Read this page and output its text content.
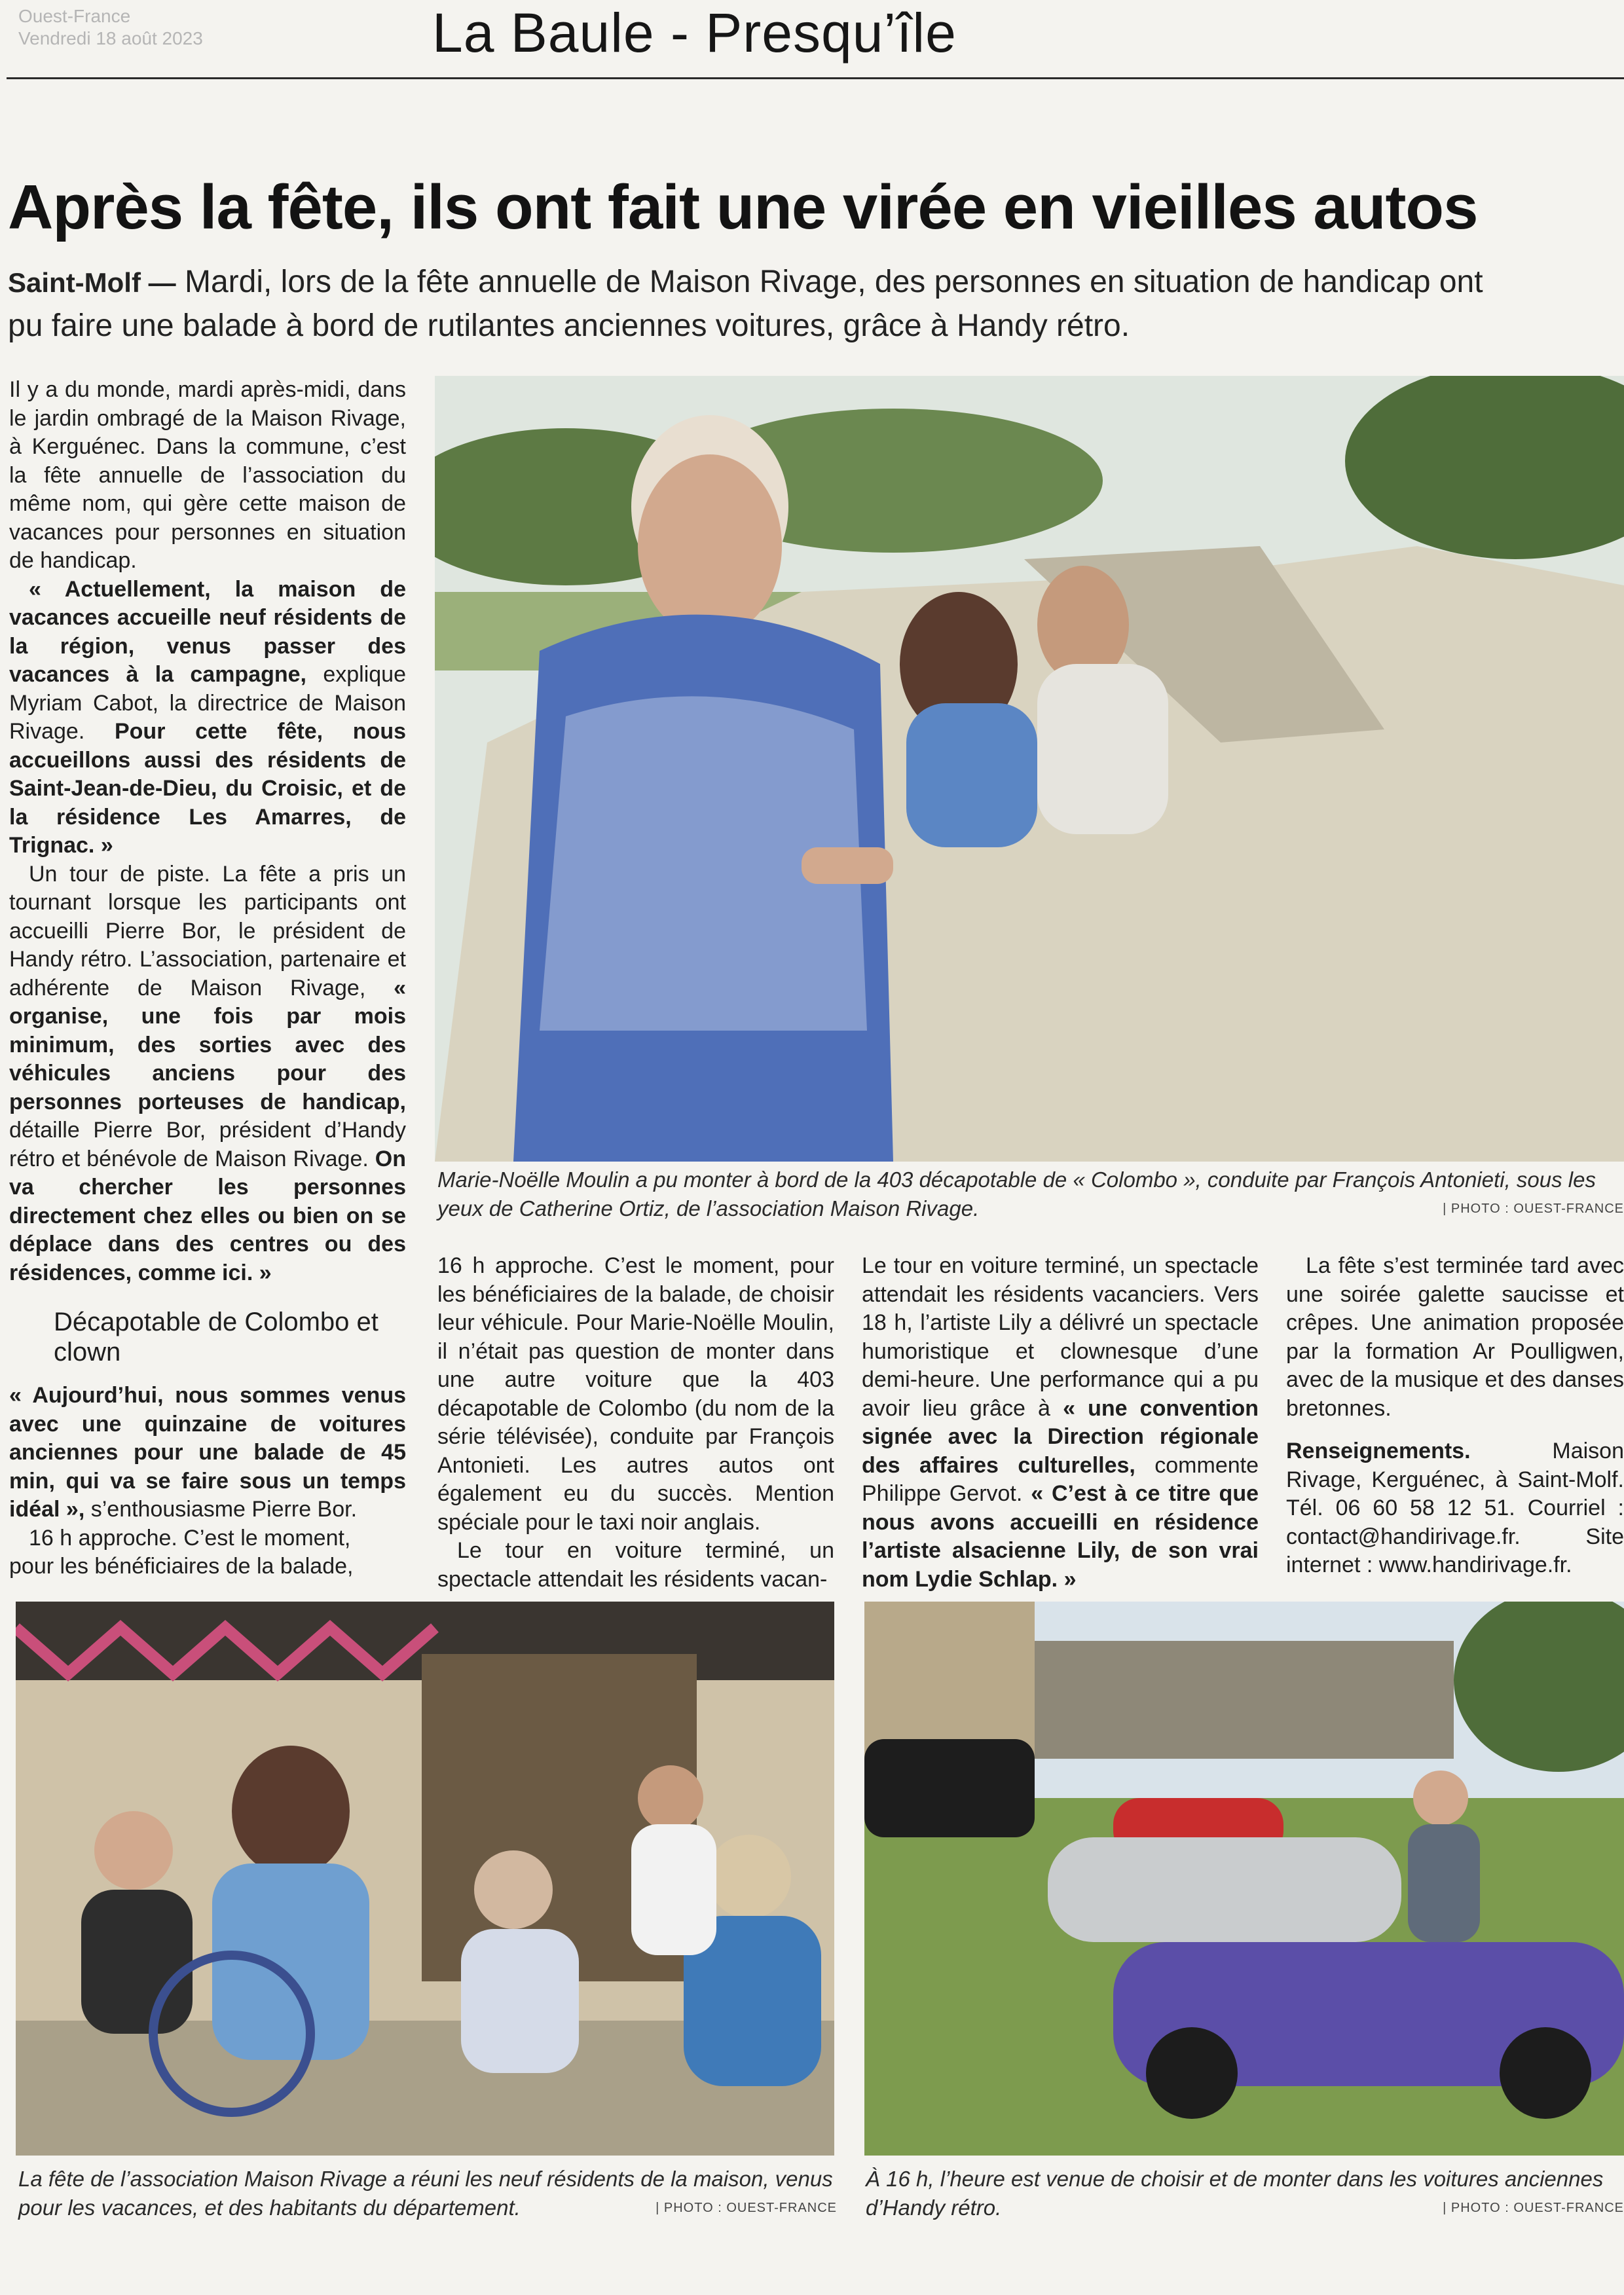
Ouest-France
Vendredi 18 août 2023	La Baule - Presqu’île
Après la fête, ils ont fait une virée en vieilles autos
Saint-Molf — Mardi, lors de la fête annuelle de Maison Rivage, des personnes en situation de handicap ont pu faire une balade à bord de rutilantes anciennes voitures, grâce à Handy rétro.

Il y a du monde, mardi après-midi, dans le jardin ombragé de la Maison Rivage, à Kerguénec. Dans la commune, c’est la fête annuelle de l’association du même nom, qui gère cette maison de vacances pour personnes en situation de handicap.

« Actuellement, la maison de vacances accueille neuf résidents de la région, venus passer des vacances à la campagne, explique Myriam Cabot, la directrice de Maison Rivage. Pour cette fête, nous accueillons aussi des résidents de Saint-Jean-de-Dieu, du Croisic, et de la résidence Les Amarres, de Trignac. »

Un tour de piste. La fête a pris un tournant lorsque les participants ont accueilli Pierre Bor, le président de Handy rétro. L’association, partenaire et adhérente de Maison Rivage, « organise, une fois par mois minimum, des sorties avec des véhicules anciens pour des personnes porteuses de handicap, détaille Pierre Bor, président d’Handy rétro et bénévole de Maison Rivage. On va chercher les personnes directement chez elles ou bien on se déplace dans des centres ou des résidences, comme ici. »

Décapotable de Colombo et clown

« Aujourd’hui, nous sommes venus avec une quinzaine de voitures anciennes pour une balade de 45 min, qui va se faire sous un temps idéal », s’enthousiasme Pierre Bor.

16 h approche. C’est le moment,

pour les bénéficiaires de la balade,

Marie-Noëlle Moulin a pu monter à bord de la 403 décapotable de « Colombo », conduite par François Antonieti, sous les yeux de Catherine Ortiz, de l’association Maison Rivage.	| PHOTO : OUEST-FRANCE

16 h approche. C’est le moment, pour les bénéficiaires de la balade, de choisir leur véhicule. Pour Marie-Noëlle Moulin, il n’était pas question de monter dans une autre voiture que la 403 décapotable de Colombo (du nom de la série télévisée), conduite par François Antonieti. Les autres autos ont également eu du succès. Mention spéciale pour le taxi noir anglais.

Le tour en voiture terminé, un spectacle attendait les résidents vacan-

Le tour en voiture terminé, un spectacle attendait les résidents vacanciers. Vers 18 h, l’artiste Lily a délivré un spectacle humoristique et clownesque d’une demi-heure. Une performance qui a pu avoir lieu grâce à « une convention signée avec la Direction régionale des affaires culturelles, commente Philippe Gervot. « C’est à ce titre que nous avons accueilli en résidence l’artiste alsacienne Lily, de son vrai nom Lydie Schlap. »

La fête s’est terminée tard avec une soirée galette saucisse et crêpes. Une animation proposée par la formation Ar Poulligwen, avec de la musique et des danses bretonnes.

Renseignements. Maison Rivage, Kerguénec, à Saint-Molf. Tél. 06 60 58 12 51. Courriel : contact@handirivage.fr. Site internet : www.handirivage.fr.

La fête de l’association Maison Rivage a réuni les neuf résidents de la maison, venus pour les vacances, et des habitants du département.	| PHOTO : OUEST-FRANCE
À 16 h, l’heure est venue de choisir et de monter dans les voitures anciennes d’Handy rétro.	| PHOTO : OUEST-FRANCE
